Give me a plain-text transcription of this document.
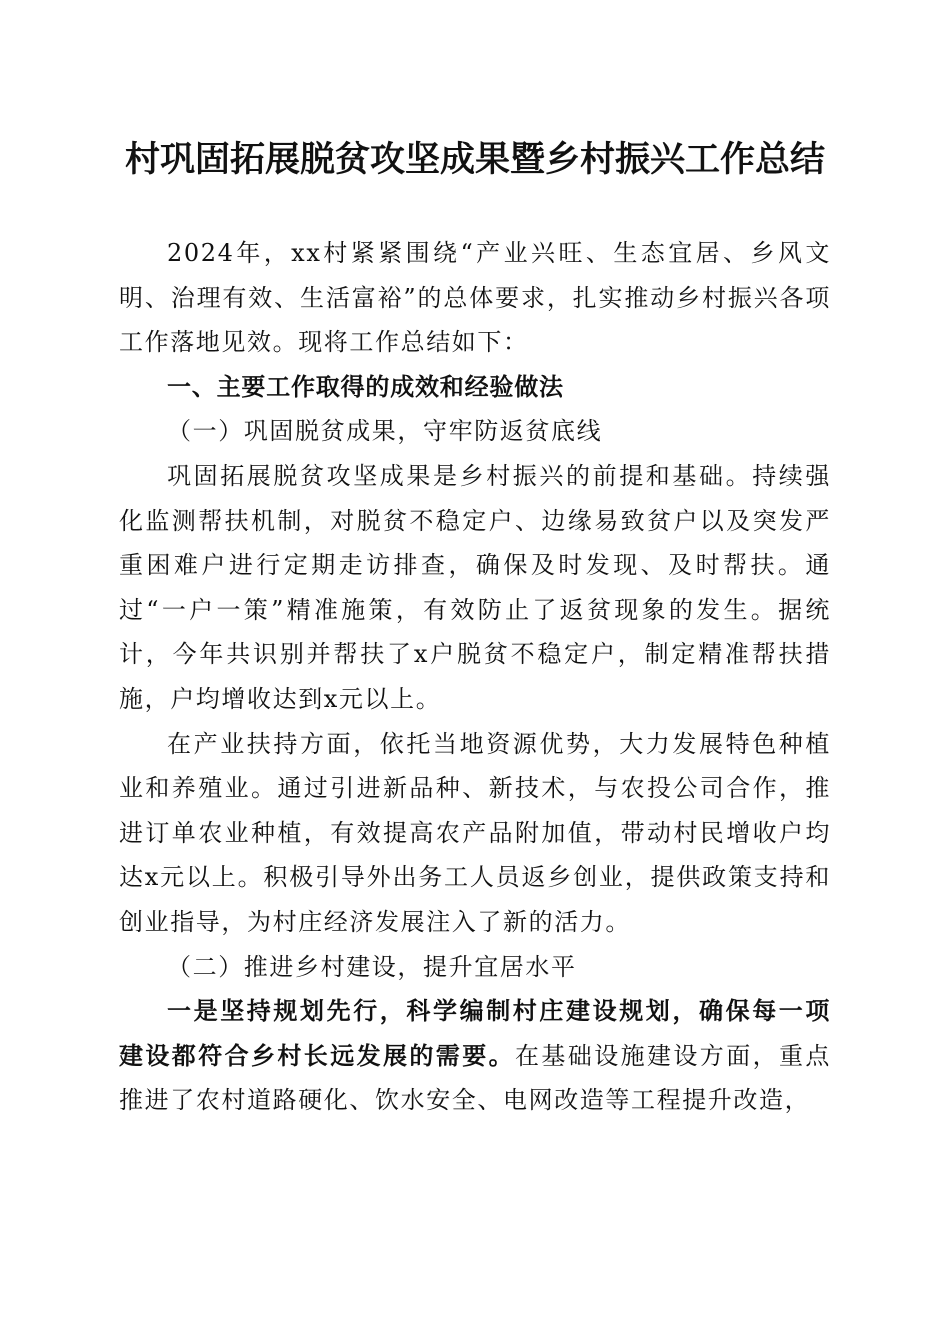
村巩固拓展脱贫攻坚成果暨乡村振兴工作总结

2024年，xx村紧紧围绕“产业兴旺、生态宜居、乡风文明、治理有效、生活富裕”的总体要求，扎实推动乡村振兴各项工作落地见效。现将工作总结如下：

一、主要工作取得的成效和经验做法

（一）巩固脱贫成果，守牢防返贫底线

巩固拓展脱贫攻坚成果是乡村振兴的前提和基础。持续强化监测帮扶机制，对脱贫不稳定户、边缘易致贫户以及突发严重困难户进行定期走访排查，确保及时发现、及时帮扶。通过“一户一策”精准施策，有效防止了返贫现象的发生。据统计，今年共识别并帮扶了x户脱贫不稳定户，制定精准帮扶措施，户均增收达到x元以上。

在产业扶持方面，依托当地资源优势，大力发展特色种植业和养殖业。通过引进新品种、新技术，与农投公司合作，推进订单农业种植，有效提高农产品附加值，带动村民增收户均达x元以上。积极引导外出务工人员返乡创业，提供政策支持和创业指导，为村庄经济发展注入了新的活力。

（二）推进乡村建设，提升宜居水平

一是坚持规划先行，科学编制村庄建设规划，确保每一项建设都符合乡村长远发展的需要。在基础设施建设方面，重点推进了农村道路硬化、饮水安全、电网改造等工程提升改造，
